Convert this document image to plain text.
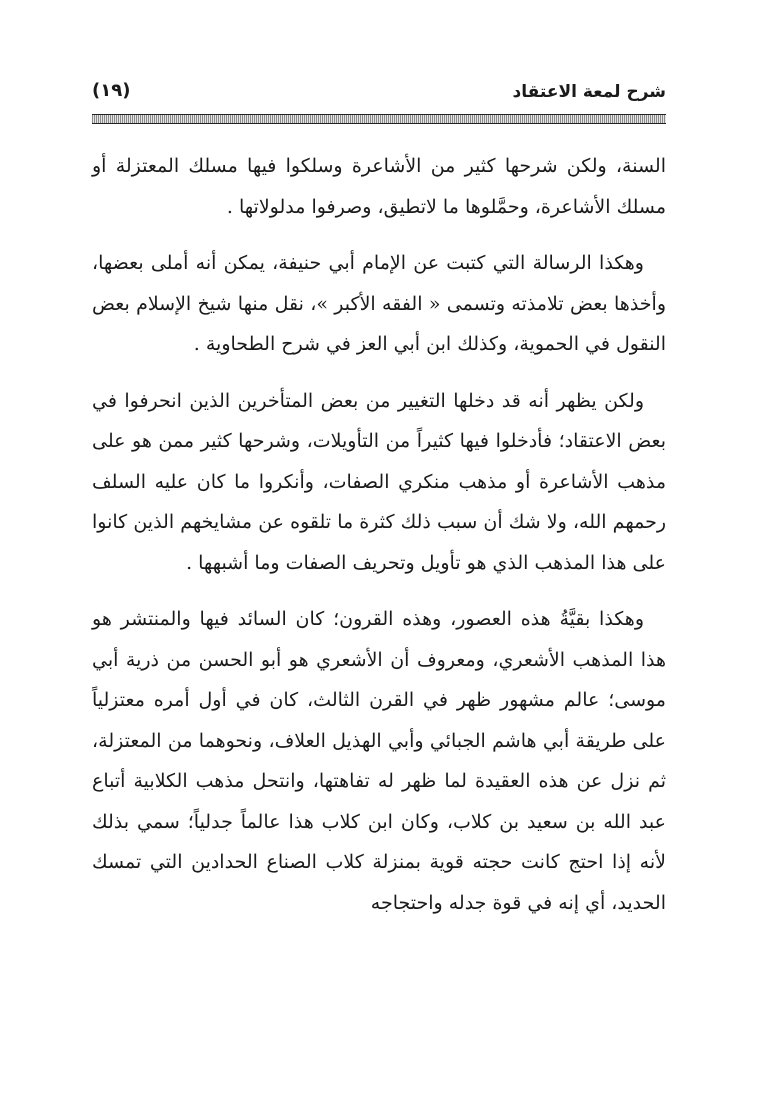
شرح لمعة الاعتقاد
(١٩)

السنة، ولكن شرحها كثير من الأشاعرة وسلكوا فيها مسلك المعتزلة أو مسلك الأشاعرة، وحمَّلوها ما لاتطيق، وصرفوا مدلولاتها .

وهكذا الرسالة التي كتبت عن الإمام أبي حنيفة، يمكن أنه أملى بعضها، وأخذها بعض تلامذته وتسمى « الفقه الأكبر »، نقل منها شيخ الإسلام بعض النقول في الحموية، وكذلك ابن أبي العز في شرح الطحاوية .

ولكن يظهر أنه قد دخلها التغيير من بعض المتأخرين الذين انحرفوا في بعض الاعتقاد؛ فأدخلوا فيها كثيراً من التأويلات، وشرحها كثير ممن هو على مذهب الأشاعرة أو مذهب منكري الصفات، وأنكروا ما كان عليه السلف رحمهم الله، ولا شك أن سبب ذلك كثرة ما تلقوه عن مشايخهم الذين كانوا على هذا المذهب الذي هو تأويل وتحريف الصفات وما أشبهها .

وهكذا بقيَّةُ هذه العصور، وهذه القرون؛ كان السائد فيها والمنتشر هو هذا المذهب الأشعري، ومعروف أن الأشعري هو أبو الحسن من ذرية أبي موسى؛ عالم مشهور ظهر في القرن الثالث، كان في أول أمره معتزلياً على طريقة أبي هاشم الجبائي وأبي الهذيل العلاف، ونحوهما من المعتزلة، ثم نزل عن هذه العقيدة لما ظهر له تفاهتها، وانتحل مذهب الكلابية أتباع عبد الله بن سعيد بن كلاب، وكان ابن كلاب هذا عالماً جدلياً؛ سمي بذلك لأنه إذا احتج كانت حجته قوية بمنزلة كلاب الصناع الحدادين التي تمسك الحديد، أي إنه في قوة جدله واحتجاجه
